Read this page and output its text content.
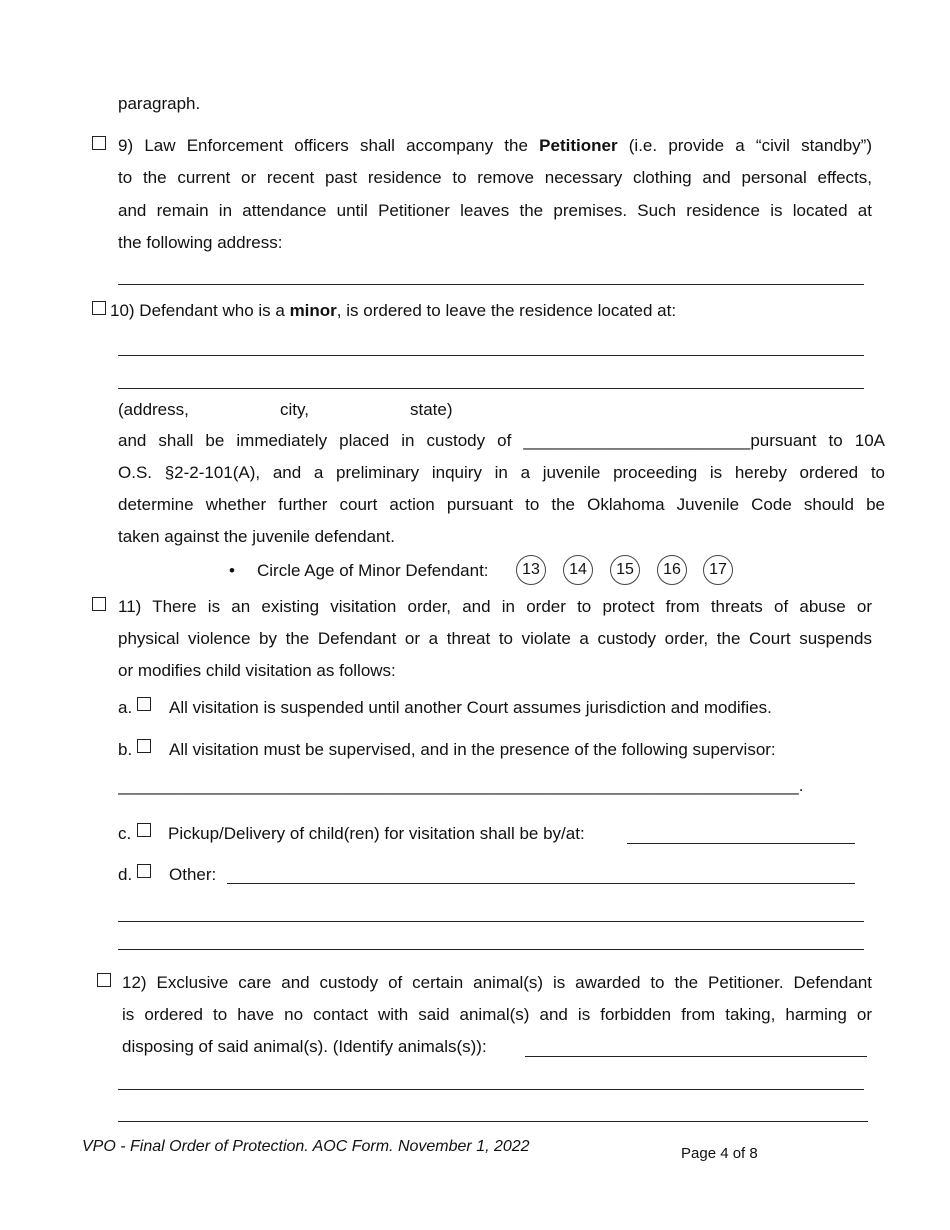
paragraph.
9) Law Enforcement officers shall accompany the Petitioner (i.e. provide a “civil standby”)
to the current or recent past residence to remove necessary clothing and personal effects,
and remain in attendance until Petitioner leaves the premises. Such residence is located at
the following address:
10) Defendant who is a minor, is ordered to leave the residence located at:
(address,	city,	state)
and shall be immediately placed in custody of ________________________pursuant to 10A
O.S. §2-2-101(A), and a preliminary inquiry in a juvenile proceeding is hereby ordered to
determine whether further court action pursuant to the Oklahoma Juvenile Code should be
taken against the juvenile defendant.
• Circle Age of Minor Defendant:	13	14	15	16	17
11) There is an existing visitation order, and in order to protect from threats of abuse or
physical violence by the Defendant or a threat to violate a custody order, the Court suspends
or modifies child visitation as follows:
a. All visitation is suspended until another Court assumes jurisdiction and modifies.
b. All visitation must be supervised, and in the presence of the following supervisor:
________________________________________________________________________.
c. Pickup/Delivery of child(ren) for visitation shall be by/at:
d. Other:
12) Exclusive care and custody of certain animal(s) is awarded to the Petitioner. Defendant
is ordered to have no contact with said animal(s) and is forbidden from taking, harming or
disposing of said animal(s). (Identify animals(s)):
VPO - Final Order of Protection. AOC Form. November 1, 2022	Page 4 of 8
